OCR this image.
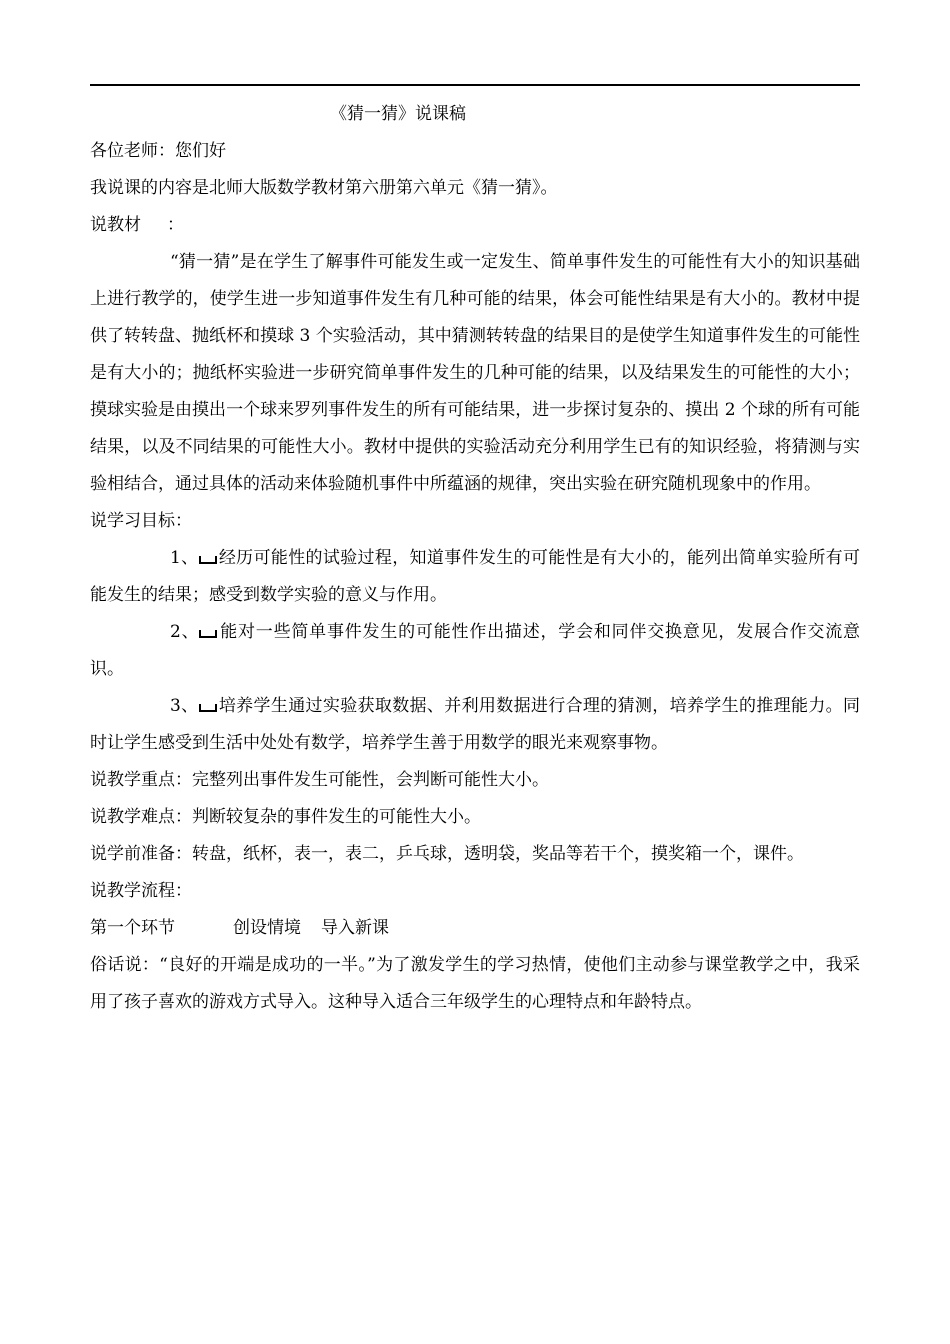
《猜一猜》说课稿

各位老师：您们好

我说课的内容是北师大版数学教材第六册第六单元《猜一猜》。

说教材 ：

“猜一猜”是在学生了解事件可能发生或一定发生、简单事件发生的可能性有大小的知识基础上进行教学的，使学生进一步知道事件发生有几种可能的结果，体会可能性结果是有大小的。教材中提供了转转盘、抛纸杯和摸球 3 个实验活动，其中猜测转转盘的结果目的是使学生知道事件发生的可能性是有大小的；抛纸杯实验进一步研究简单事件发生的几种可能的结果，以及结果发生的可能性的大小；摸球实验是由摸出一个球来罗列事件发生的所有可能结果，进一步探讨复杂的、摸出 2 个球的所有可能结果，以及不同结果的可能性大小。教材中提供的实验活动充分利用学生已有的知识经验，将猜测与实验相结合，通过具体的活动来体验随机事件中所蕴涵的规律，突出实验在研究随机现象中的作用。

说学习目标：

1、 经历可能性的试验过程，知道事件发生的可能性是有大小的，能列出简单实验所有可能发生的结果；感受到数学实验的意义与作用。

2、 能对一些简单事件发生的可能性作出描述，学会和同伴交换意见，发展合作交流意识。

3、 培养学生通过实验获取数据、并利用数据进行合理的猜测，培养学生的推理能力。同时让学生感受到生活中处处有数学，培养学生善于用数学的眼光来观察事物。

说教学重点：完整列出事件发生可能性，会判断可能性大小。

说教学难点：判断较复杂的事件发生的可能性大小。

说学前准备：转盘，纸杯，表一，表二，乒乓球，透明袋，奖品等若干个，摸奖箱一个，课件。

说教学流程：

第一个环节	创设情境 导入新课

俗话说：“良好的开端是成功的一半。”为了激发学生的学习热情，使他们主动参与课堂教学之中，我采用了孩子喜欢的游戏方式导入。这种导入适合三年级学生的心理特点和年龄特点。
